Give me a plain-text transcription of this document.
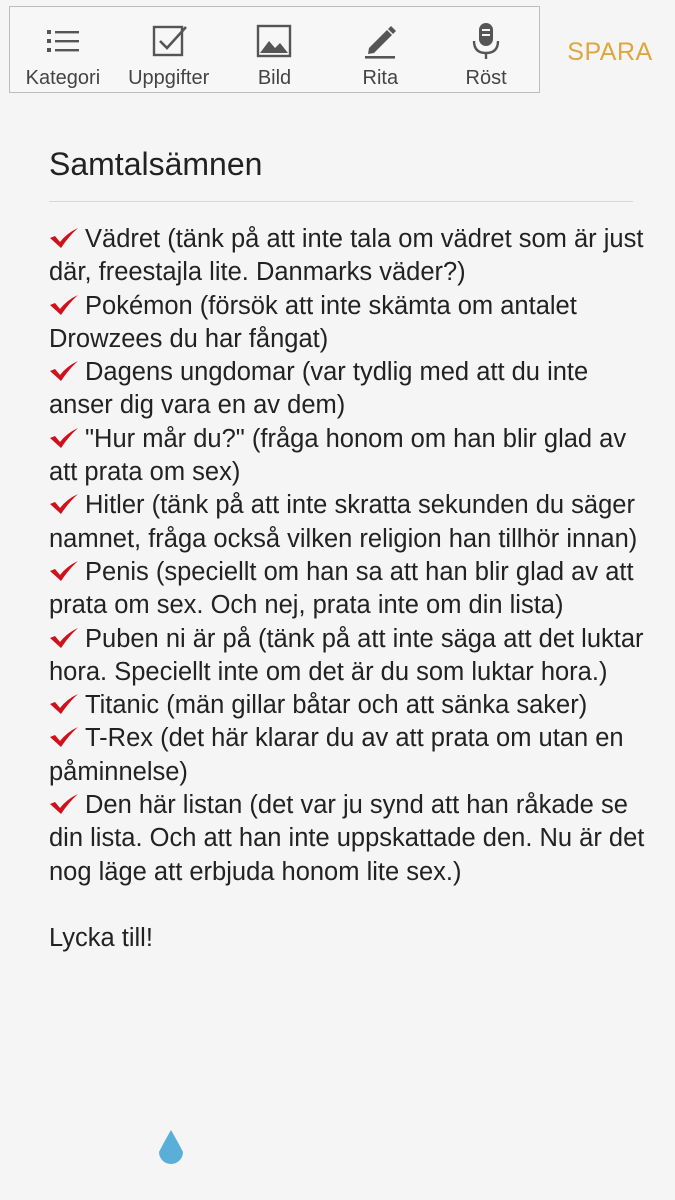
Kategori Uppgifter Bild	Rita	Röst
SPARA
Samtalsämnen

Vädret (tänk på att inte tala om vädret som är just där, freestajla lite. Danmarks väder?)

Pokémon (försök att inte skämta om antalet Drowzees du har fångat)

Dagens ungdomar (var tydlig med att du inte anser dig vara en av dem)

"Hur mår du?" (fråga honom om han blir glad av att prata om sex)

Hitler (tänk på att inte skratta sekunden du säger namnet, fråga också vilken religion han tillhör innan)

Penis (speciellt om han sa att han blir glad av att prata om sex. Och nej, prata inte om din lista)

Puben ni är på (tänk på att inte säga att det luktar hora. Speciellt inte om det är du som luktar hora.)

Titanic (män gillar båtar och att sänka saker)

T-Rex (det här klarar du av att prata om utan en påminnelse)

Den här listan (det var ju synd att han råkade se din lista. Och att han inte uppskattade den. Nu är det nog läge att erbjuda honom lite sex.)

Lycka till!
